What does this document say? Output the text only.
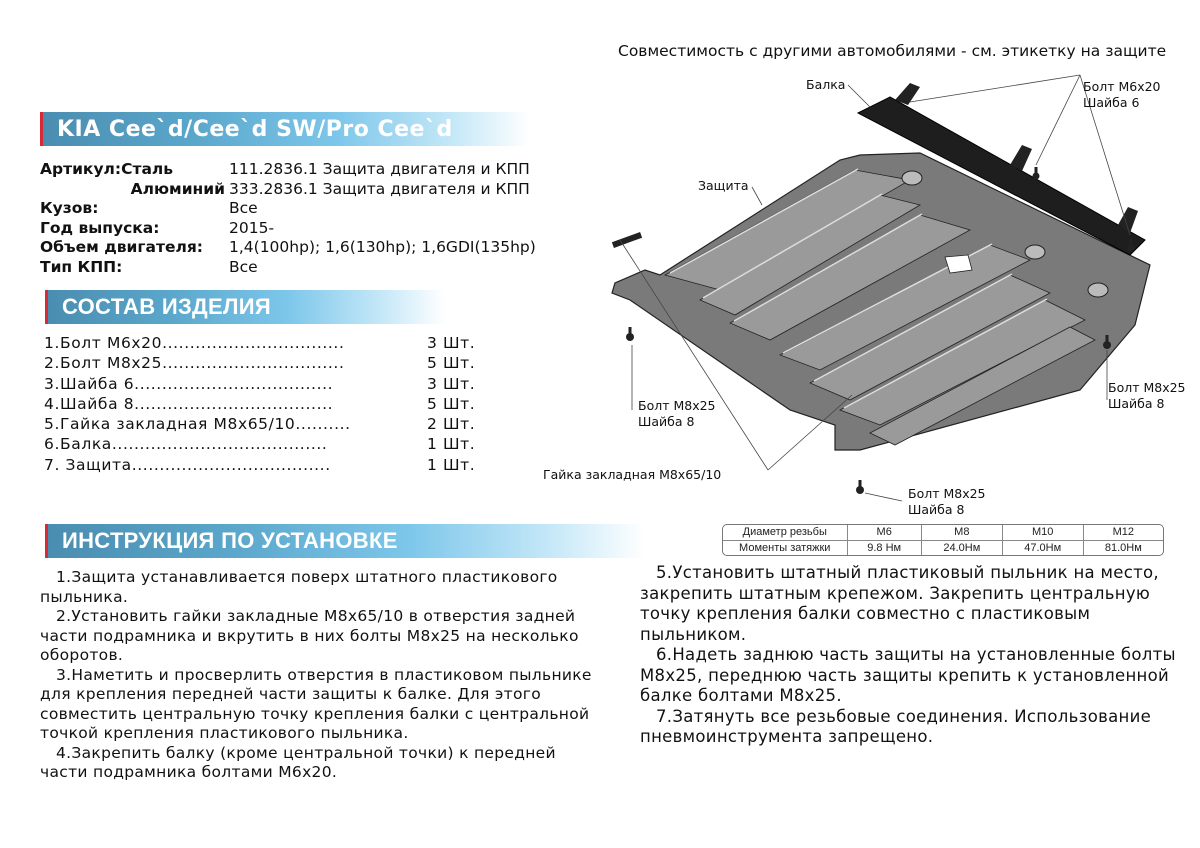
KIA Cee`d/Cee`d SW/Pro Cee`d
Артикул:Сталь	111.2836.1 Защита двигателя и КПП
Алюминий 333.2836.1 Защита двигателя и КПП
Кузов:	Все
Год выпуска:	2015-
Объем двигателя:	1,4(100hp); 1,6(130hp); 1,6GDI(135hp)
Тип КПП:	Все
СОСТАВ ИЗДЕЛИЯ
1.Болт М6х20.................................	3 Шт.
2.Болт М8х25.................................	5 Шт.
3.Шайба 6....................................	3 Шт.
4.Шайба 8....................................	5 Шт.
5.Гайка закладная М8х65/10..........	2 Шт.
6.Балка.......................................	1 Шт.
7. Защита....................................	1 Шт.
ИНСТРУКЦИЯ ПО УСТАНОВКЕ

1.Защита устанавливается поверх штатного пластикового пыльника.

2.Установить гайки закладные М8х65/10 в отверстия задней части подрамника и вкрутить в них болты М8х25 на несколько оборотов.

3.Наметить и просверлить отверстия в пластиковом пыльнике для крепления передней части защиты к балке. Для этого совместить центральную точку крепления балки с центральной точкой крепления пластикового пыльника.

4.Закрепить балку (кроме центральной точки) к передней части подрамника болтами М6х20.

5.Установить штатный пластиковый пыльник на место, закрепить штатным крепежом. Закрепить центральную точку крепления балки совместно с пластиковым пыльником.

6.Надеть заднюю часть защиты на установленные болты М8х25, переднюю часть защиты крепить к установленной балке болтами М8х25.

7.Затянуть все резьбовые соединения. Использование пневмоинструмента запрещено.

Совместимость с другими автомобилями - см. этикетку на защите
Балка	Болт М6х20
Шайба 6
Защита
Болт М8х25
Шайба 8
Болт М8х25
Шайба 8
Гайка закладная М8х65/10
Болт М8х25
Шайба 8
Диаметр резьбы	М6	М8	М10	М12
Моменты затяжки	9.8 Нм	24.0Нм	47.0Нм	81.0Нм
